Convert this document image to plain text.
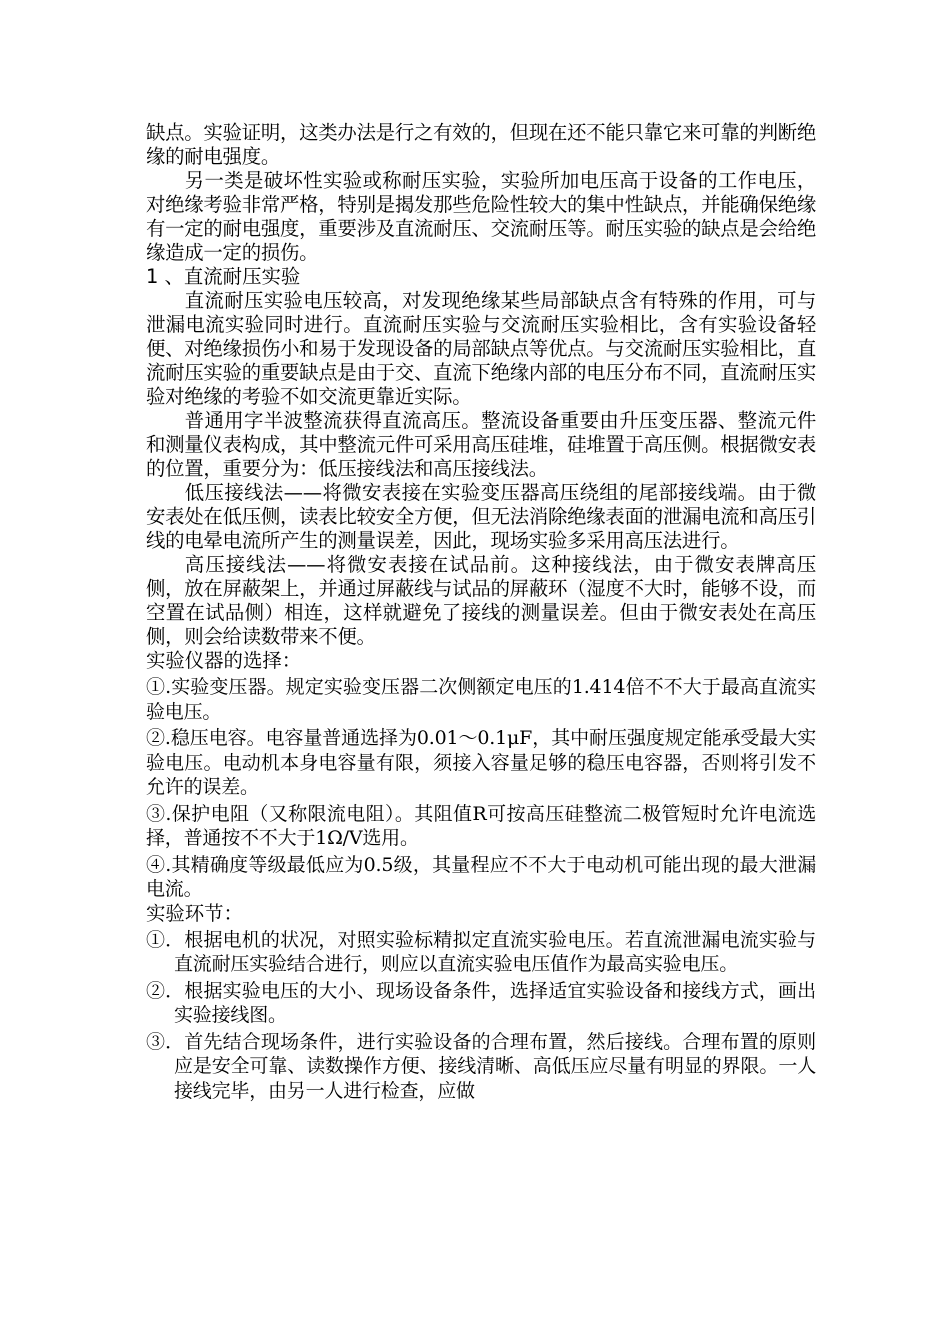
缺点。实验证明，这类办法是行之有效的，但现在还不能只靠它来可靠的判断绝缘的耐电强度。

另一类是破坏性实验或称耐压实验，实验所加电压高于设备的工作电压，对绝缘考验非常严格，特别是揭发那些危险性较大的集中性缺点，并能确保绝缘有一定的耐电强度，重要涉及直流耐压、交流耐压等。耐压实验的缺点是会给绝缘造成一定的损伤。

1 、直流耐压实验

直流耐压实验电压较高，对发现绝缘某些局部缺点含有特殊的作用，可与泄漏电流实验同时进行。直流耐压实验与交流耐压实验相比，含有实验设备轻便、对绝缘损伤小和易于发现设备的局部缺点等优点。与交流耐压实验相比，直流耐压实验的重要缺点是由于交、直流下绝缘内部的电压分布不同，直流耐压实验对绝缘的考验不如交流更靠近实际。

普通用字半波整流获得直流高压。整流设备重要由升压变压器、整流元件和测量仪表构成，其中整流元件可采用高压硅堆，硅堆置于高压侧。根据微安表的位置，重要分为：低压接线法和高压接线法。

低压接线法——将微安表接在实验变压器高压绕组的尾部接线端。由于微安表处在低压侧，读表比较安全方便，但无法消除绝缘表面的泄漏电流和高压引线的电晕电流所产生的测量误差，因此，现场实验多采用高压法进行。

高压接线法——将微安表接在试品前。这种接线法，由于微安表牌高压侧，放在屏蔽架上，并通过屏蔽线与试品的屏蔽环（湿度不大时，能够不设，而空置在试品侧）相连，这样就避免了接线的测量误差。但由于微安表处在高压侧，则会给读数带来不便。

实验仪器的选择：

①.实验变压器。规定实验变压器二次侧额定电压的1.414倍不不大于最高直流实验电压。

②.稳压电容。电容量普通选择为0.01～0.1μF，其中耐压强度规定能承受最大实验电压。电动机本身电容量有限，须接入容量足够的稳压电容器，否则将引发不允许的误差。

③.保护电阻（又称限流电阻）。其阻值R可按高压硅整流二极管短时允许电流选择，普通按不不大于1Ω/V选用。

④.其精确度等级最低应为0.5级，其量程应不不大于电动机可能出现的最大泄漏电流。

实验环节：

①．根据电机的状况，对照实验标精拟定直流实验电压。若直流泄漏电流实验与直流耐压实验结合进行，则应以直流实验电压值作为最高实验电压。

②．根据实验电压的大小、现场设备条件，选择适宜实验设备和接线方式，画出实验接线图。

③．首先结合现场条件，进行实验设备的合理布置，然后接线。合理布置的原则应是安全可靠、读数操作方便、接线清晰、高低压应尽量有明显的界限。一人接线完毕，由另一人进行检查，应做
